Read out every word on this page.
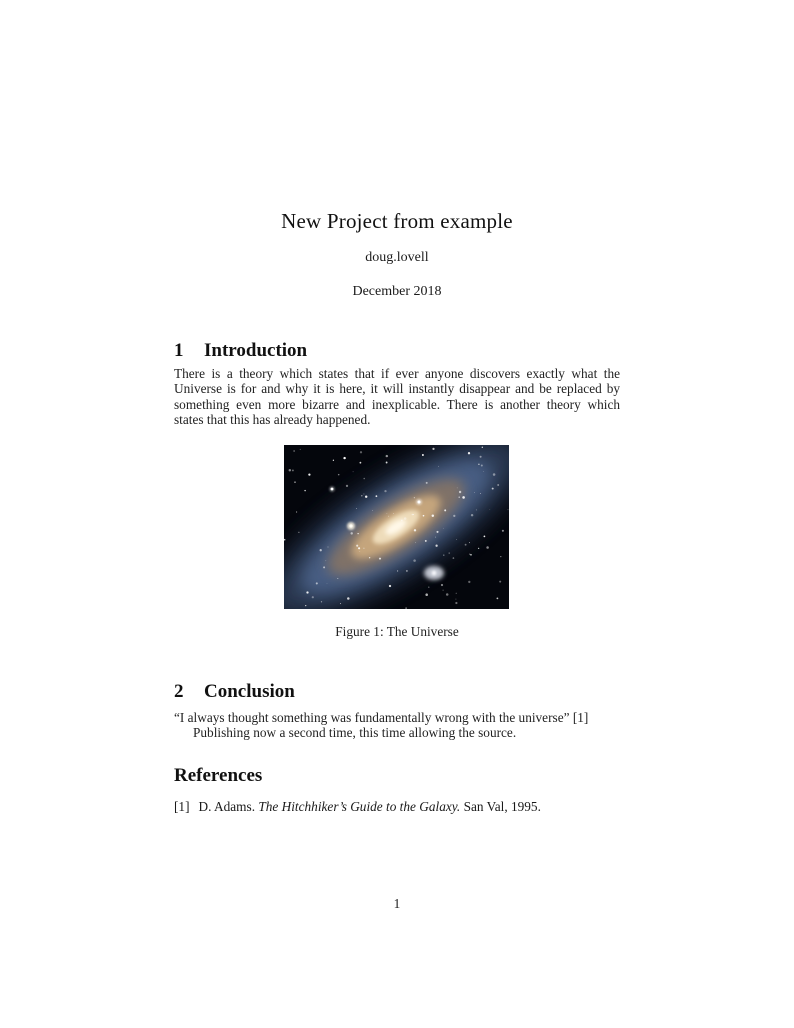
New Project from example
doug.lovell
December 2018
1 Introduction
There is a theory which states that if ever anyone discovers exactly what the
Universe is for and why it is here, it will instantly disappear and be replaced by
something even more bizarre and inexplicable. There is another theory which
states that this has already happened.
Figure 1: The Universe
2 Conclusion
“I always thought something was fundamentally wrong with the universe” [1]
Publishing now a second time, this time allowing the source.
References
[1] D. Adams. The Hitchhiker’s Guide to the Galaxy. San Val, 1995.
1
